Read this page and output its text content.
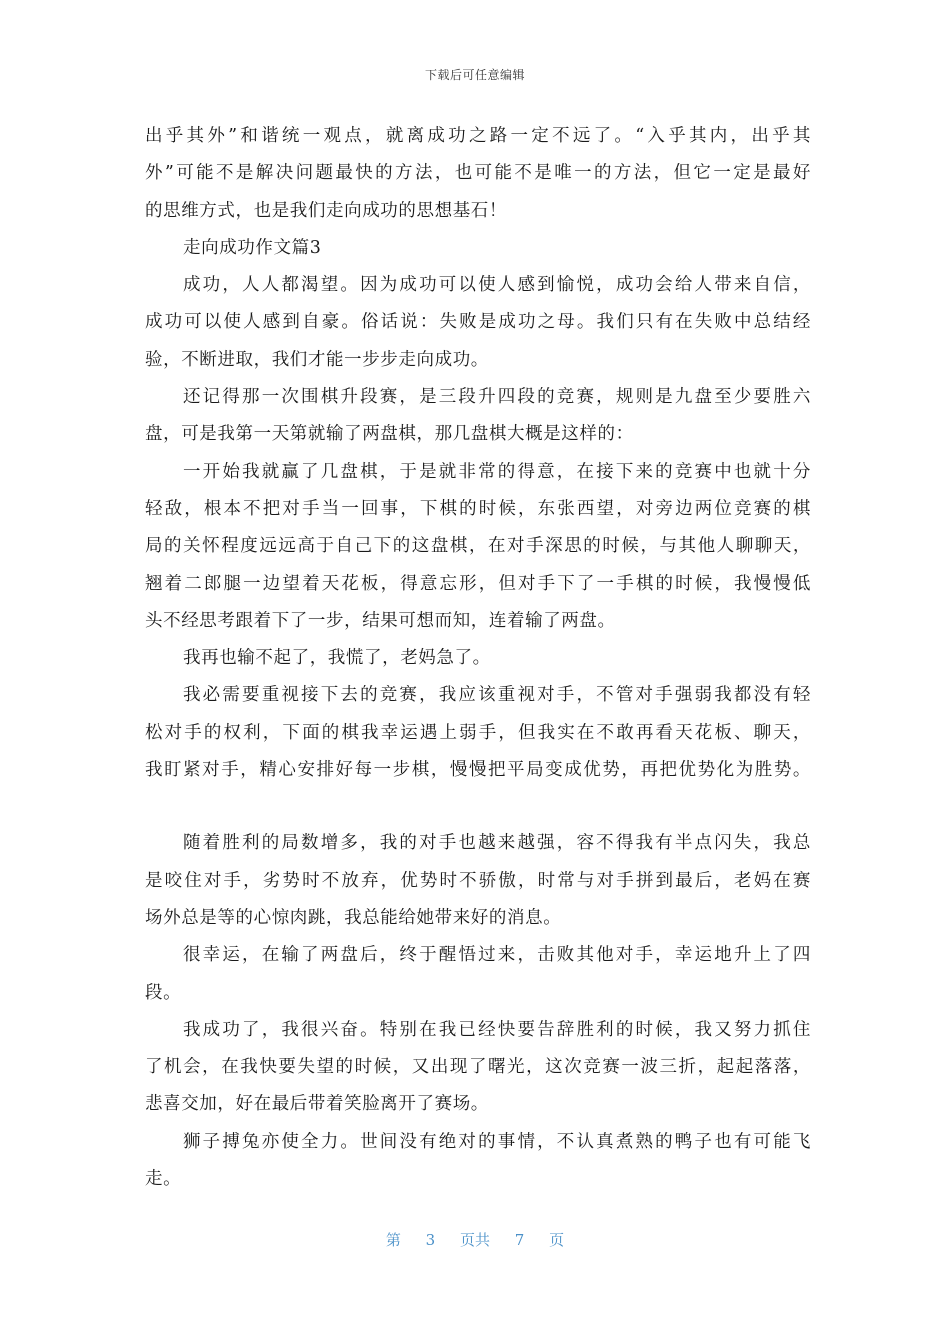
下载后可任意编辑
出乎其外”和谐统一观点，就离成功之路一定不远了。“入乎其内，出乎其
外”可能不是解决问题最快的方法，也可能不是唯一的方法，但它一定是最好
的思维方式，也是我们走向成功的思想基石！
走向成功作文篇3
成功，人人都渴望。因为成功可以使人感到愉悦，成功会给人带来自信，
成功可以使人感到自豪。俗话说：失败是成功之母。我们只有在失败中总结经
验，不断进取，我们才能一步步走向成功。
还记得那一次围棋升段赛，是三段升四段的竞赛，规则是九盘至少要胜六
盘，可是我第一天第就输了两盘棋，那几盘棋大概是这样的：
一开始我就赢了几盘棋，于是就非常的得意，在接下来的竞赛中也就十分
轻敌，根本不把对手当一回事，下棋的时候，东张西望，对旁边两位竞赛的棋
局的关怀程度远远高于自己下的这盘棋，在对手深思的时候，与其他人聊聊天，
翘着二郎腿一边望着天花板，得意忘形，但对手下了一手棋的时候，我慢慢低
头不经思考跟着下了一步，结果可想而知，连着输了两盘。
我再也输不起了，我慌了，老妈急了。
我必需要重视接下去的竞赛，我应该重视对手，不管对手强弱我都没有轻
松对手的权利，下面的棋我幸运遇上弱手，但我实在不敢再看天花板、聊天，
我盯紧对手，精心安排好每一步棋，慢慢把平局变成优势，再把优势化为胜势。
随着胜利的局数增多，我的对手也越来越强，容不得我有半点闪失，我总
是咬住对手，劣势时不放弃，优势时不骄傲，时常与对手拼到最后，老妈在赛
场外总是等的心惊肉跳，我总能给她带来好的消息。
很幸运，在输了两盘后，终于醒悟过来，击败其他对手，幸运地升上了四
段。
我成功了，我很兴奋。特别在我已经快要告辞胜利的时候，我又努力抓住
了机会，在我快要失望的时候，又出现了曙光，这次竞赛一波三折，起起落落，
悲喜交加，好在最后带着笑脸离开了赛场。
狮子搏兔亦使全力。世间没有绝对的事情，不认真煮熟的鸭子也有可能飞
走。
第 3 页共 7 页
